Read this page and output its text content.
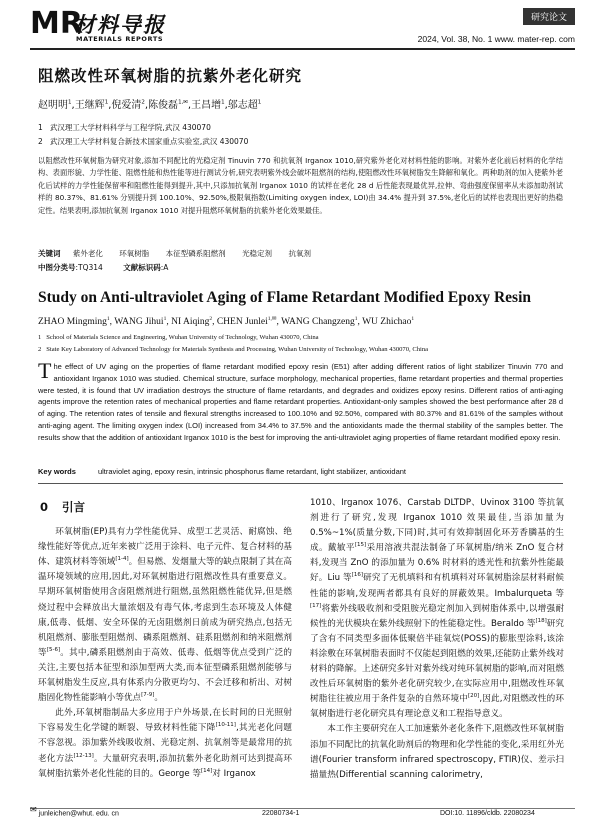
MR
材料导报
MATERIALS REPORTS
研究论文
2024, Vol. 38, No. 1 www. mater-rep. com
阻燃改性环氧树脂的抗紫外老化研究
赵明明$^1$,王继辉$^1$,倪爱清$^2$,陈俊磊$^{1,✉}$,王昌增$^1$,邬志超$^1$
1 武汉理工大学材料科学与工程学院,武汉 430070
2 武汉理工大学材料复合新技术国家重点实验室,武汉 430070
以阻燃改性环氧树脂为研究对象,添加不同配比的光稳定剂 Tinuvin 770 和抗氧剂 Irganox 1010,研究紫外老化对材料性能的影响。对紫外老化前后材料的化学结构、表面形貌、力学性能、阻燃性能和热性能等进行测试分析,研究表明紫外线会破坏阻燃剂的结构,使阻燃改性环氧树脂发生降解和氧化。两种助剂的加入使紫外老化后试样的力学性能保留率和阻燃性能得到提升,其中,只添加抗氧剂 Irganox 1010 的试样在老化 28 d 后性能表现最优异,拉伸、弯曲强度保留率从未添加助剂试样的 80.37%、81.61% 分别提升到 100.10%、92.50%,极限氧指数(Limiting oxygen index, LOI)由 34.4% 提升到 37.5%,老化后的试样也表现出更好的热稳定性。结果表明,添加抗氧剂 Irganox 1010 对提升阻燃环氧树脂的抗紫外老化效果最佳。
关键词 紫外老化 环氧树脂 本征型磷系阻燃剂 光稳定剂 抗氧剂
中图分类号:TQ314	文献标识码:A
Study on Anti-ultraviolet Aging of Flame Retardant Modified Epoxy Resin
ZHAO Mingming$^1$, WANG Jihui$^1$, NI Aiqing$^2$, CHEN Junlei$^{1,✉}$, WANG Changzeng$^1$, WU Zhichao$^1$
1 School of Materials Science and Engineering, Wuhan University of Technology, Wuhan 430070, China
2 State Key Laboratory of Advanced Technology for Materials Synthesis and Processing, Wuhan University of Technology, Wuhan 430070, China
The effect of UV aging on the properties of flame retardant modified epoxy resin (E51) after adding different ratios of light stabilizer Tinuvin 770 and antioxidant Irganox 1010 was studied. Chemical structure, surface morphology, mechanical properties, flame retardant properties and thermal properties were tested, it is found that UV irradiation destroys the structure of flame retardants, and degrades and oxidizes epoxy resins. Different ratios of anti-aging agents improve the retention rates of mechanical properties and flame retardant properties. Antioxidant-only samples showed the best performance after 28 d of aging. The retention rates of tensile and flexural strengths increased to 100.10% and 92.50%, compared with 80.37% and 81.61% of the samples without anti-aging agent. The limiting oxygen index (LOI) increased from 34.4% to 37.5% and the antioxidants made the thermal stability of the samples better. The results show that the addition of antioxidant Irganox 1010 is the best for improving the anti-ultraviolet aging properties of flame retardant modified epoxy resin.
Key words	ultraviolet aging, epoxy resin, intrinsic phosphorus flame retardant, light stabilizer, antioxidant
0 引言

环氧树脂(EP)具有力学性能优异、成型工艺灵活、耐腐蚀、绝缘性能好等优点,近年来被广泛用于涂料、电子元件、复合材料的基体、建筑材料等领域[1-4]。但易燃、发烟量大等的缺点限制了其在高温环境领域的应用,因此,对环氧树脂进行阻燃改性具有重要意义。早期环氧树脂使用含卤阻燃剂进行阻燃,虽然阻燃性能优异,但是燃烧过程中会释放出大量浓烟及有毒气体,考虑到生态环境及人体健康,低毒、低烟、安全环保的无卤阻燃剂日前成为研究热点,包括无机阻燃剂、膨胀型阻燃剂、磷系阻燃剂、硅系阻燃剂和纳米阻燃剂等[5-6]。其中,磷系阻燃剂由于高效、低毒、低烟等优点受到广泛的关注,主要包括本征型和添加型两大类,而本征型磷系阻燃剂能够与环氧树脂发生反应,具有体系内分散更均匀、不会迁移和析出、对树脂固化物性能影响小等优点[7-9]。

此外,环氧树脂制品大多应用于户外场景,在长时间的日光照射下容易发生化学键的断裂、导致材料性能下降[10-11],其光老化问题不容忽视。添加紫外线吸收剂、光稳定剂、抗氧剂等是最常用的抗老化方法[12-13]。大量研究表明,添加抗紫外老化助剂可达到提高环氧树脂抗紫外老化性能的目的。George 等[14]对 Irganox

1010、Irganox 1076、Carstab DLTDP、Uvinox 3100 等抗氧剂进行了研究,发现 Irganox 1010 效果最佳,当添加量为 0.5%~1%(质量分数,下同)时,其可有效抑制固化环芳香膦基的生成。戴敏平[15]采用溶液共混法制备了环氧树脂/纳米 ZnO 复合材料,发现当 ZnO 的添加量为 0.6% 时材料的透光性和抗紫外性能最好。Liu 等[16]研究了无机填料和有机填料对环氧树脂涂层材料耐候性能的影响,发现两者都具有良好的屏蔽效果。Imbalurqueta 等[17]将紫外线吸收剂和受阻胺光稳定剂加入到树脂体系中,以增强耐候性的光伏模块在紫外线照射下的性能稳定性。Beraldo 等[18]研究了含有不同类型多面体低聚倍半硅氧烷(POSS)的膨胀型涂料,该涂料涂敷在环氧树脂表面时不仅能起到阻燃的效果,还能防止紫外线对材料的降解。上述研究多针对紫外线对纯环氧树脂的影响,而对阻燃改性后环氧树脂的紫外老化研究较少,在实际应用中,阻燃改性环氧树脂往往被应用于条件复杂的自然环境中[20],因此,对阻燃改性的环氧树脂进行老化研究具有理论意义和工程指导意义。

本工作主要研究在人工加速紫外老化条件下,阻燃改性环氧树脂添加不同配比的抗氧化助剂后的物理和化学性能的变化,采用红外光谱(Fourier transform infrared spectroscopy, FTIR)仪、差示扫描量热(Differential scanning calorimetry,

✉ junleichen@whut. edu. cn	22080734-1	DOI:10. 11896/cldb. 22080234
